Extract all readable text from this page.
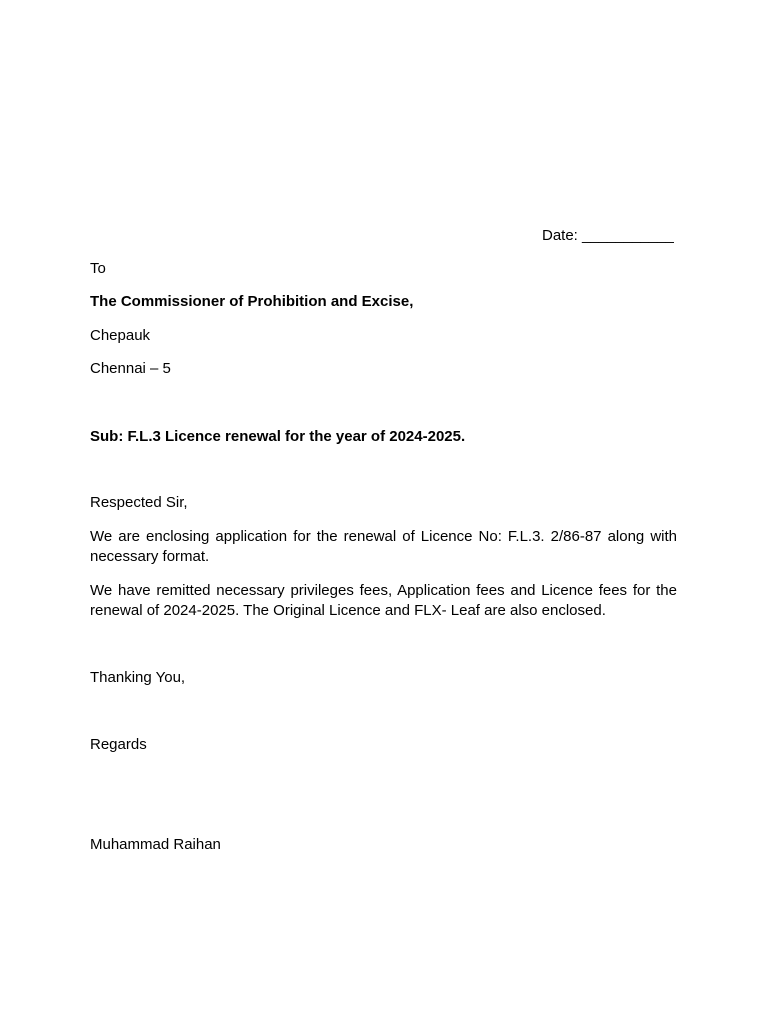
Date: ___________
To
The Commissioner of Prohibition and Excise,
Chepauk
Chennai – 5
Sub: F.L.3 Licence renewal for the year of 2024-2025.
Respected Sir,
We are enclosing application for the renewal of Licence No: F.L.3. 2/86-87 along with necessary format.
We have remitted necessary privileges fees, Application fees and Licence fees for the renewal of 2024-2025. The Original Licence and FLX- Leaf are also enclosed.
Thanking You,
Regards
Muhammad Raihan
